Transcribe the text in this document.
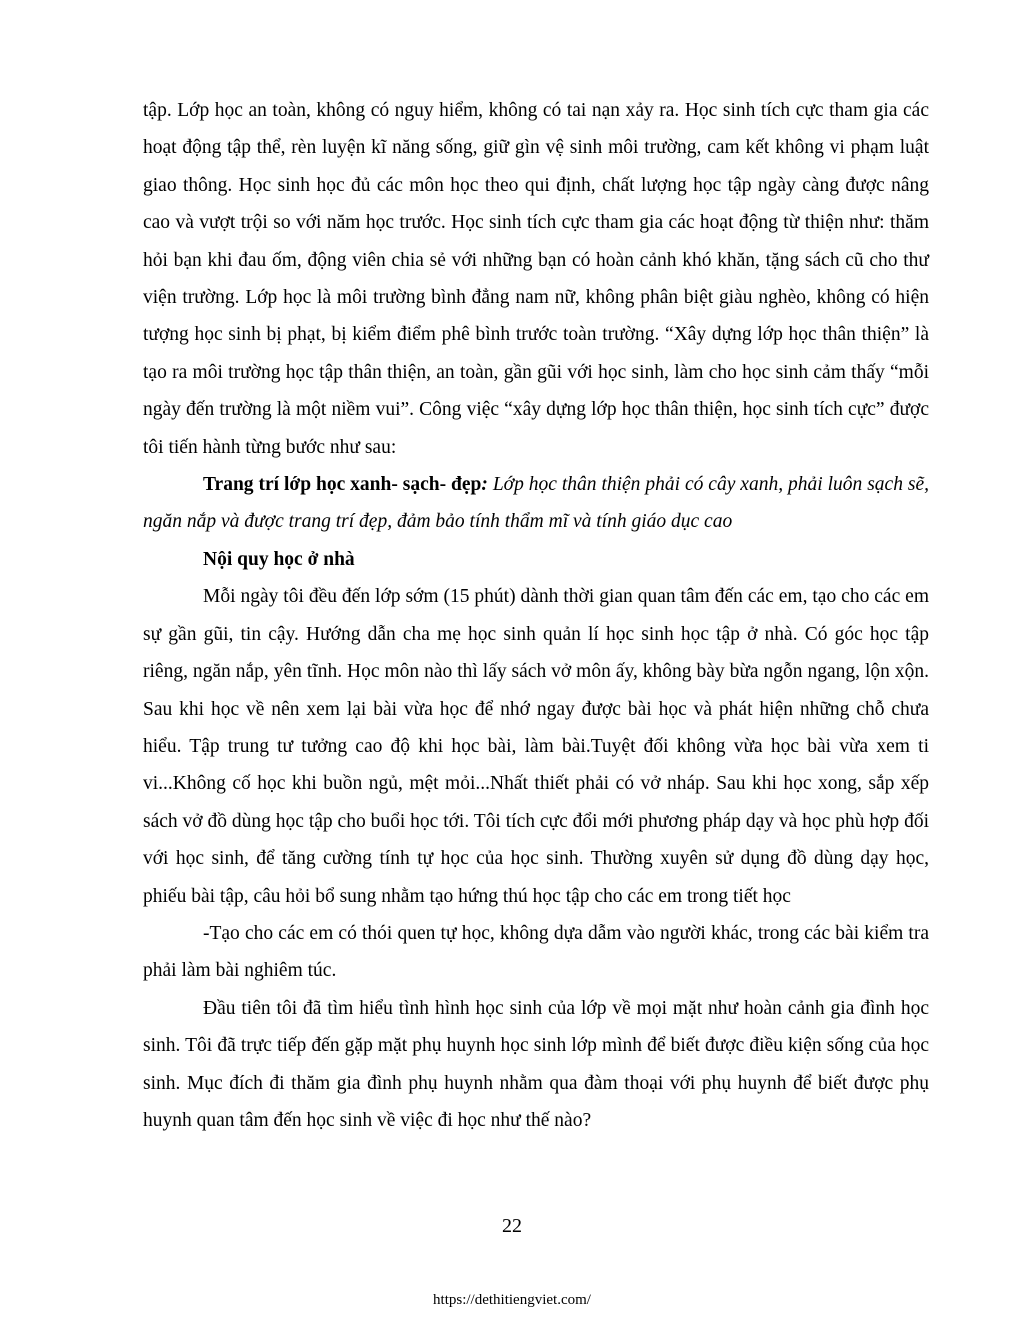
tập. Lớp học an toàn, không có nguy hiểm, không có tai nạn xảy ra. Học sinh tích cực tham gia các hoạt động tập thể, rèn luyện kĩ năng sống, giữ gìn vệ sinh môi trường, cam kết không vi phạm luật giao thông. Học sinh học đủ các môn học theo qui định, chất lượng học tập ngày càng được nâng cao và vượt trội so với năm học trước. Học sinh tích cực tham gia các hoạt động từ thiện như: thăm hỏi bạn khi đau ốm, động viên chia sẻ với những bạn có hoàn cảnh khó khăn, tặng sách cũ cho thư viện trường. Lớp học là môi trường bình đẳng nam nữ, không phân biệt giàu nghèo, không có hiện tượng học sinh bị phạt, bị kiểm điểm phê bình trước toàn trường. “Xây dựng lớp học thân thiện” là tạo ra môi trường học tập thân thiện, an toàn, gần gũi với học sinh, làm cho học sinh cảm thấy “mỗi ngày đến trường là một niềm vui”. Công việc “xây dựng lớp học thân thiện, học sinh tích cực” được tôi tiến hành từng bước như sau:

Trang trí lớp học xanh- sạch- đẹp: Lớp học thân thiện phải có cây xanh, phải luôn sạch sẽ, ngăn nắp và được trang trí đẹp, đảm bảo tính thẩm mĩ và tính giáo dục cao

Nội quy học ở nhà

Mỗi ngày tôi đều đến lớp sớm (15 phút) dành thời gian quan tâm đến các em, tạo cho các em sự gần gũi, tin cậy. Hướng dẫn cha mẹ học sinh quản lí học sinh học tập ở nhà. Có góc học tập riêng, ngăn nắp, yên tĩnh. Học môn nào thì lấy sách vở môn ấy, không bày bừa ngỗn ngang, lộn xộn. Sau khi học về nên xem lại bài vừa học để nhớ ngay được bài học và phát hiện những chỗ chưa hiểu. Tập trung tư tưởng cao độ khi học bài, làm bài.Tuyệt đối không vừa học bài vừa xem ti vi...Không cố học khi buồn ngủ, mệt mỏi...Nhất thiết phải có vở nháp. Sau khi học xong, sắp xếp sách vở đồ dùng học tập cho buổi học tới. Tôi tích cực đổi mới phương pháp dạy và học phù hợp đối với học sinh, để tăng cường tính tự học của học sinh. Thường xuyên sử dụng đồ dùng dạy học, phiếu bài tập, câu hỏi bổ sung nhằm tạo hứng thú học tập cho các em trong tiết học

-Tạo cho các em có thói quen tự học, không dựa dẫm vào người khác, trong các bài kiểm tra phải làm bài nghiêm túc.

Đầu tiên tôi đã tìm hiểu tình hình học sinh của lớp về mọi mặt như hoàn cảnh gia đình học sinh. Tôi đã trực tiếp đến gặp mặt phụ huynh học sinh lớp mình để biết được điều kiện sống của học sinh. Mục đích đi thăm gia đình phụ huynh nhằm qua đàm thoại với phụ huynh để biết được phụ huynh quan tâm đến học sinh về việc đi học như thế nào?

22
https://dethitiengviet.com/
